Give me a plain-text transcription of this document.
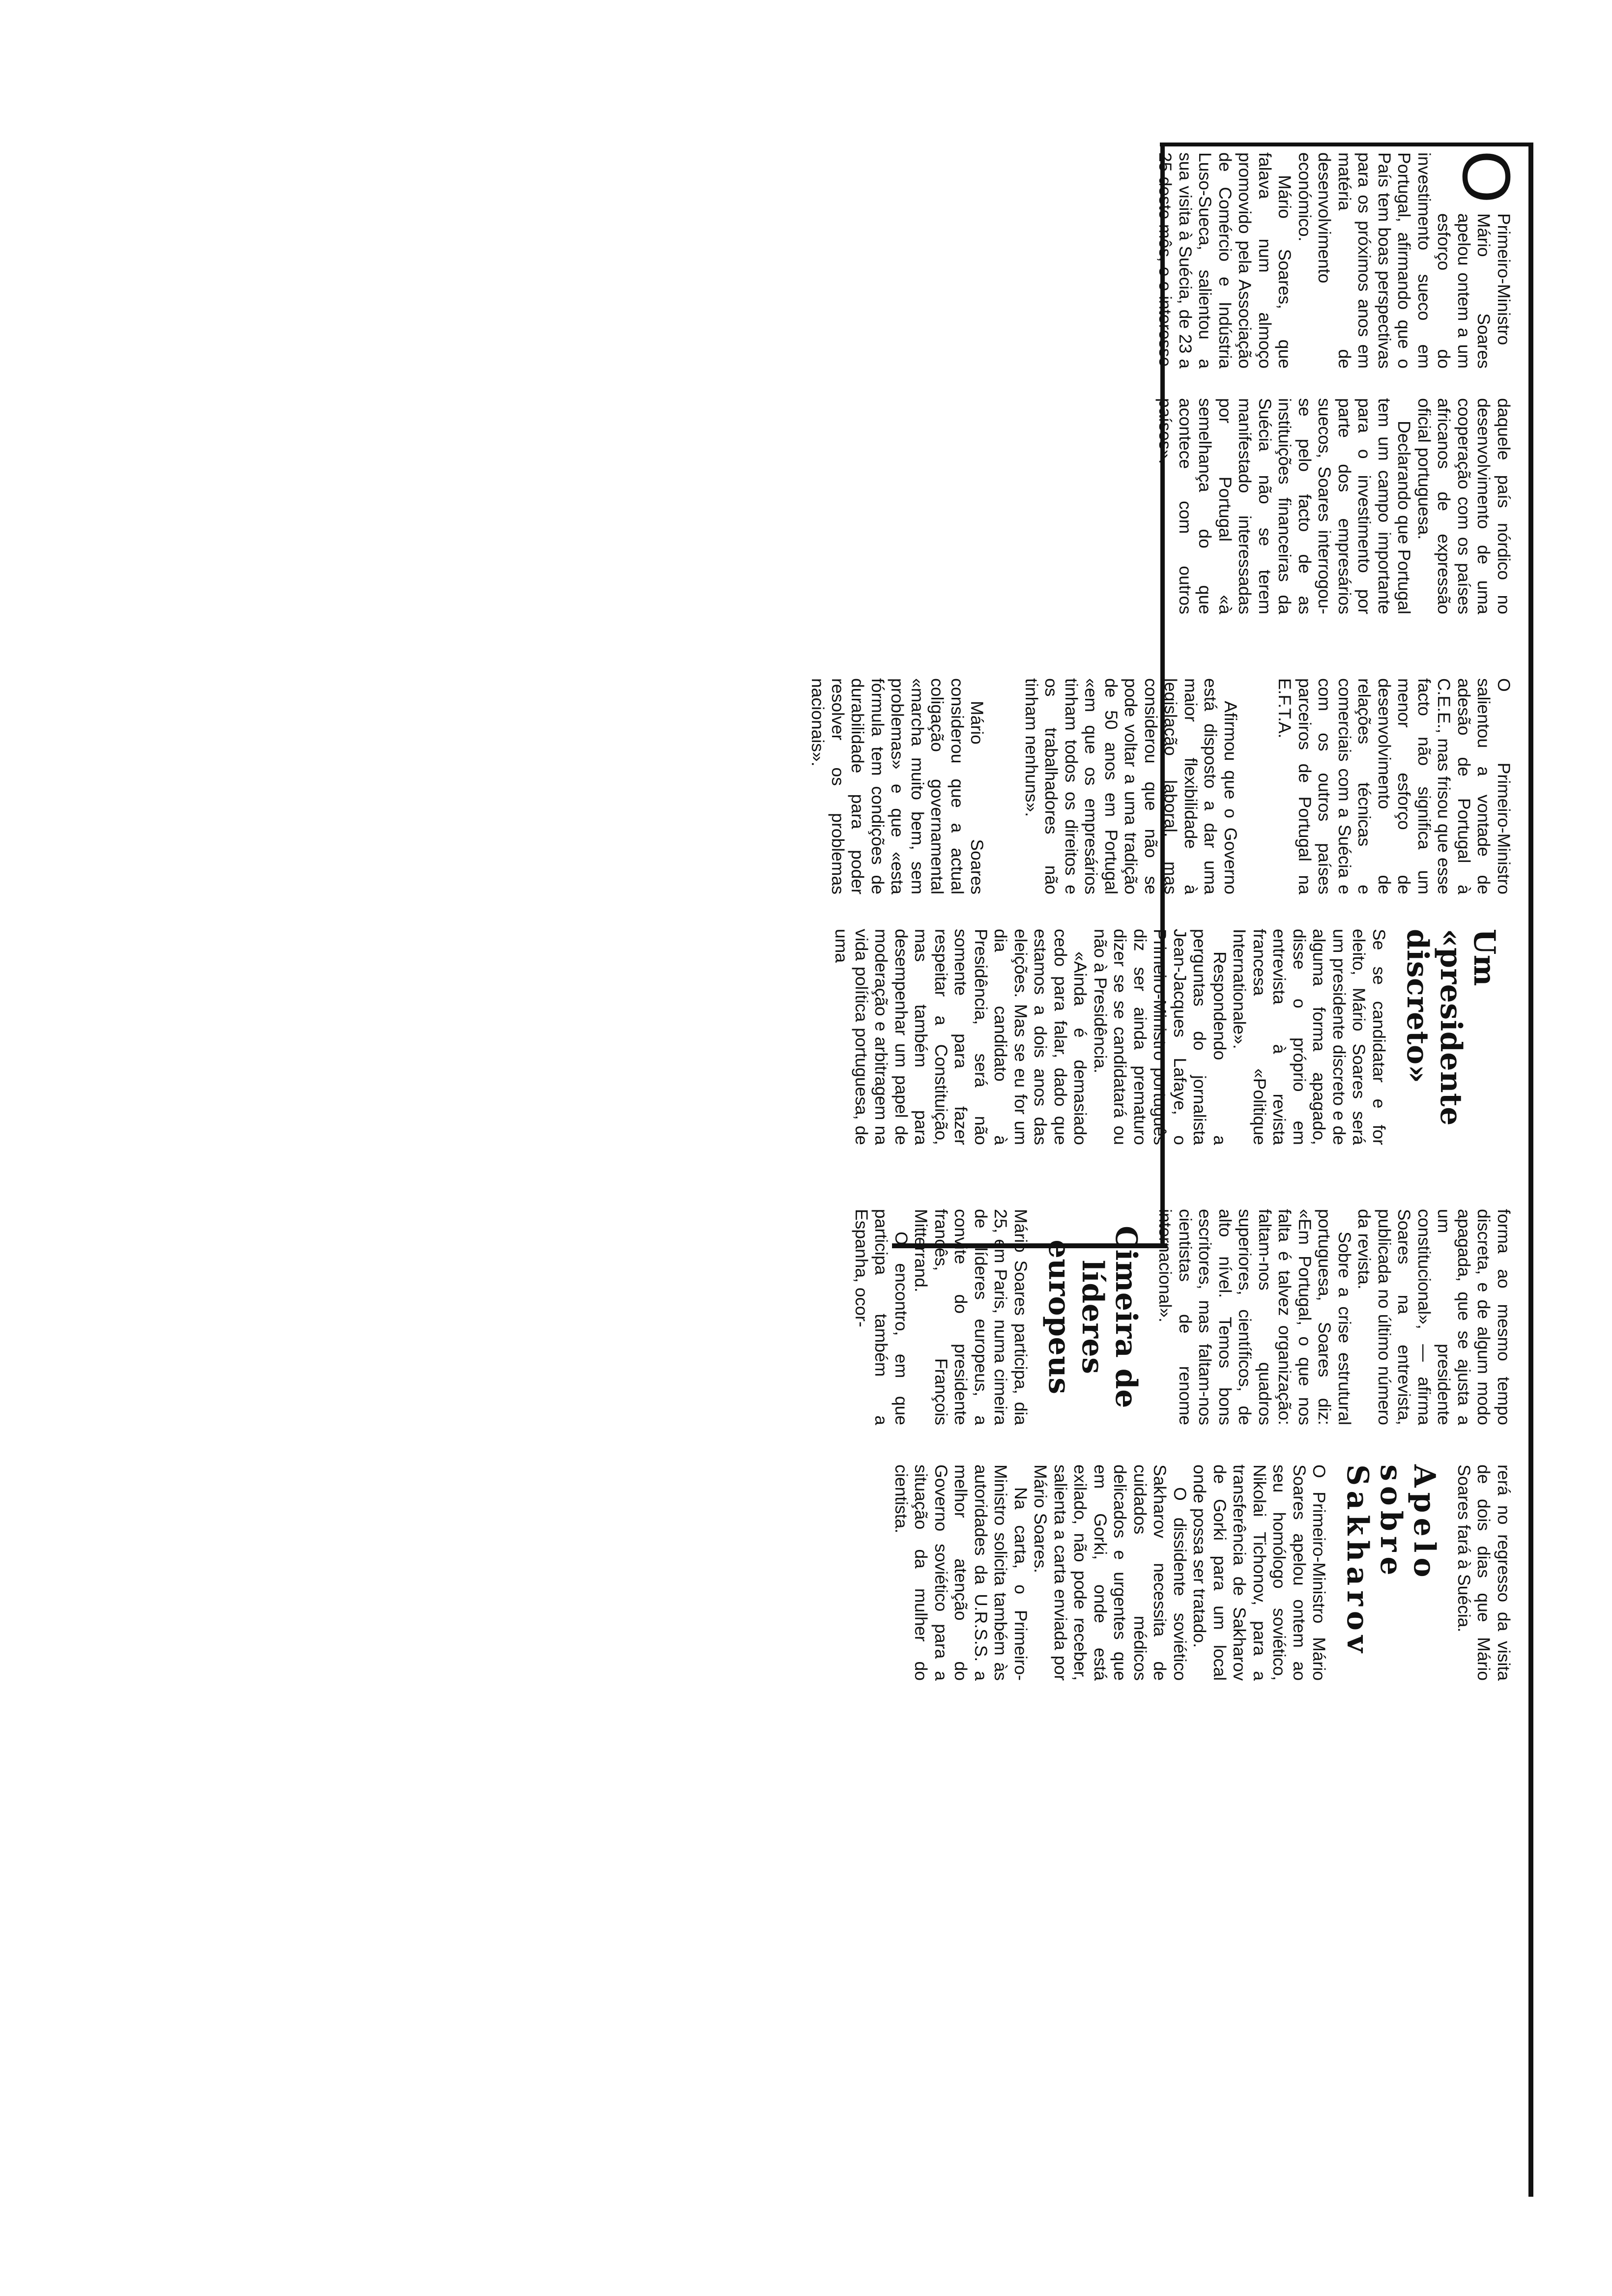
O
Primeiro-Ministro Mário Soares apelou ontem a um esforço do investimento sueco em Portugal, afirmando que o País tem boas perspectivas para os próximos anos em matéria de desenvolvimento económico.

Mário Soares, que falava num almoço promovido pela Associação de Comércio e Indústria Luso-Sueca, salientou a sua visita à Suécia, de 23 a 25 deste mês, e o interesse

daquele país nórdico no desenvolvimento de uma cooperação com os países africanos de expressão oficial portuguesa.

Declarando que Portugal tem um campo importante para o investimento por parte dos empresários suecos, Soares interrogou-se pelo facto de as instituições financeiras da Suécia não se terem manifestado interessadas por Portugal «à semelhança do que acontece com outros países».

O Primeiro-Ministro salientou a vontade de adesão de Portugal à C.E.E., mas frisou que esse facto não significa um menor esforço de desenvolvimento de relações técnicas e comerciais com a Suécia e com os outros países parceiros de Portugal na E.F.T.A.

Afirmou que o Governo está disposto a dar uma maior flexibilidade à legislação laboral, mas considerou que não se pode voltar a uma tradição de 50 anos em Portugal «em que os empresários tinham todos os direitos e os trabalhadores não tinham nenhuns».

Mário Soares considerou que a actual coligação governamental «marcha muito bem, sem problemas» e que «esta fórmula tem condições de durabilidade para poder resolver os problemas nacionais».

Um «presidente discreto»

Se se candidatar e for eleito, Mário Soares será um presidente discreto e de alguma forma apagado, disse o próprio em entrevista à revista francesa «Politique Internationale».

Respondendo a perguntas do jornalista Jean-Jacques Lafaye, o Primeiro-Ministro português diz ser ainda prematuro dizer se se candidatará ou não à Presidência.

«Ainda é demasiado cedo para falar, dado que estamos a dois anos das eleições. Mas se eu for um dia candidato à Presidência, será não somente para fazer respeitar a Constituição, mas também para desempenhar um papel de moderação e arbitragem na vida política portuguesa, de uma

forma ao mesmo tempo discreta, e de algum modo apagada, que se ajusta a um presidente constitucional», — afirma Soares na entrevista, publicada no último número da revista.

Sobre a crise estrutural portuguesa, Soares diz: «Em Portugal, o que nos falta é talvez organização: faltam-nos quadros superiores, científicos, de alto nível. Temos bons escritores, mas faltam-nos cientistas de renome internacional».

Cimeira de líderes europeus

Mário Soares participa, dia 25, em Paris, numa cimeira de líderes europeus, a convite do presidente francês, François Mitterrand.

O encontro, em que participa também a Espanha, ocor-

rerá no regresso da visita de dois dias que Mário Soares fará à Suécia.

Apelo sobre Sakharov

O Primeiro-Ministro Mário Soares apelou ontem ao seu homólogo soviético, Nikolai Tichonov, para a transferência de Sakharov de Gorki para um local onde possa ser tratado.

O dissidente soviético Sakharov necessita de cuidados médicos delicados e urgentes que em Gorki, onde está exilado, não pode receber, salienta a carta enviada por Mário Soares.

Na carta, o Primeiro-Ministro solicita também às autoridades da U.R.S.S. a melhor atenção do Governo soviético para a situação da mulher do cientista.
